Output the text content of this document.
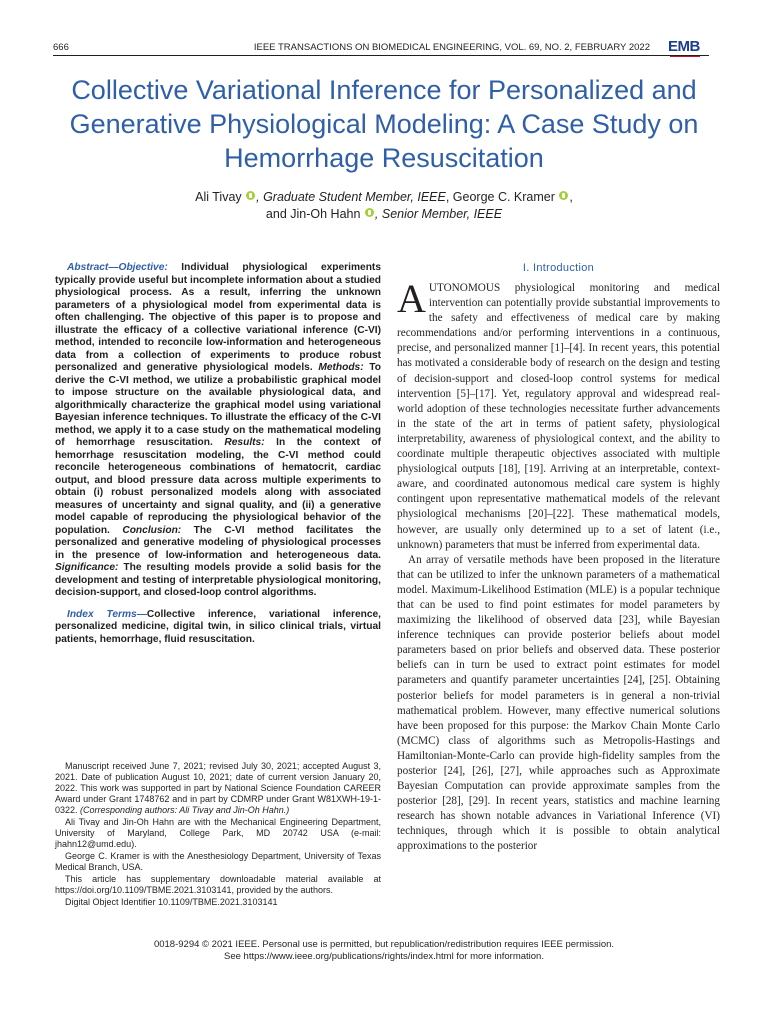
666	IEEE TRANSACTIONS ON BIOMEDICAL ENGINEERING, VOL. 69, NO. 2, FEBRUARY 2022 EMB
Collective Variational Inference for Personalized and Generative Physiological Modeling: A Case Study on Hemorrhage Resuscitation
Ali Tivay , Graduate Student Member, IEEE, George C. Kramer ,
and Jin-Oh Hahn , Senior Member, IEEE

Abstract—Objective: Individual physiological experiments typically provide useful but incomplete information about a studied physiological process. As a result, inferring the unknown parameters of a physiological model from experimental data is often challenging. The objective of this paper is to propose and illustrate the efficacy of a collective variational inference (C-VI) method, intended to reconcile low-information and heterogeneous data from a collection of experiments to produce robust personalized and generative physiological models. Methods: To derive the C-VI method, we utilize a probabilistic graphical model to impose structure on the available physiological data, and algorithmically characterize the graphical model using variational Bayesian inference techniques. To illustrate the efficacy of the C-VI method, we apply it to a case study on the mathematical modeling of hemorrhage resuscitation. Results: In the context of hemorrhage resuscitation modeling, the C-VI method could reconcile heterogeneous combinations of hematocrit, cardiac output, and blood pressure data across multiple experiments to obtain (i) robust personalized models along with associated measures of uncertainty and signal quality, and (ii) a generative model capable of reproducing the physiological behavior of the population. Conclusion: The C-VI method facilitates the personalized and generative modeling of physiological processes in the presence of low-information and heterogeneous data. Significance: The resulting models provide a solid basis for the development and testing of interpretable physiological monitoring, decision-support, and closed-loop control algorithms.

Index Terms—Collective inference, variational inference, personalized medicine, digital twin, in silico clinical trials, virtual patients, hemorrhage, fluid resuscitation.

Manuscript received June 7, 2021; revised July 30, 2021; accepted August 3, 2021. Date of publication August 10, 2021; date of current version January 20, 2022. This work was supported in part by National Science Foundation CAREER Award under Grant 1748762 and in part by CDMRP under Grant W81XWH-19-1-0322. (Corresponding authors: Ali Tivay and Jin-Oh Hahn.)

Ali Tivay and Jin-Oh Hahn are with the Mechanical Engineering Department, University of Maryland, College Park, MD 20742 USA (e-mail: jhahn12@umd.edu).

George C. Kramer is with the Anesthesiology Department, University of Texas Medical Branch, USA.

This article has supplementary downloadable material available at https://doi.org/10.1109/TBME.2021.3103141, provided by the authors.

Digital Object Identifier 10.1109/TBME.2021.3103141

I. Introduction

AUTONOMOUS physiological monitoring and medical intervention can potentially provide substantial improvements to the safety and effectiveness of medical care by making recommendations and/or performing interventions in a continuous, precise, and personalized manner [1]–[4]. In recent years, this potential has motivated a considerable body of research on the design and testing of decision-support and closed-loop control systems for medical intervention [5]–[17]. Yet, regulatory approval and widespread real-world adoption of these technologies necessitate further advancements in the state of the art in terms of patient safety, physiological interpretability, awareness of physiological context, and the ability to coordinate multiple therapeutic objectives associated with multiple physiological outputs [18], [19]. Arriving at an interpretable, context-aware, and coordinated autonomous medical care system is highly contingent upon representative mathematical models of the relevant physiological mechanisms [20]–[22]. These mathematical models, however, are usually only determined up to a set of latent (i.e., unknown) parameters that must be inferred from experimental data.

An array of versatile methods have been proposed in the literature that can be utilized to infer the unknown parameters of a mathematical model. Maximum-Likelihood Estimation (MLE) is a popular technique that can be used to find point estimates for model parameters by maximizing the likelihood of observed data [23], while Bayesian inference techniques can provide posterior beliefs about model parameters based on prior beliefs and observed data. These posterior beliefs can in turn be used to extract point estimates for model parameters and quantify parameter uncertainties [24], [25]. Obtaining posterior beliefs for model parameters is in general a non-trivial mathematical problem. However, many effective numerical solutions have been proposed for this purpose: the Markov Chain Monte Carlo (MCMC) class of algorithms such as Metropolis-Hastings and Hamiltonian-Monte-Carlo can provide high-fidelity samples from the posterior [24], [26], [27], while approaches such as Approximate Bayesian Computation can provide approximate samples from the posterior [28], [29]. In recent years, statistics and machine learning research has shown notable advances in Variational Inference (VI) techniques, through which it is possible to obtain analytical approximations to the posterior

0018-9294 © 2021 IEEE. Personal use is permitted, but republication/redistribution requires IEEE permission.
See https://www.ieee.org/publications/rights/index.html for more information.
